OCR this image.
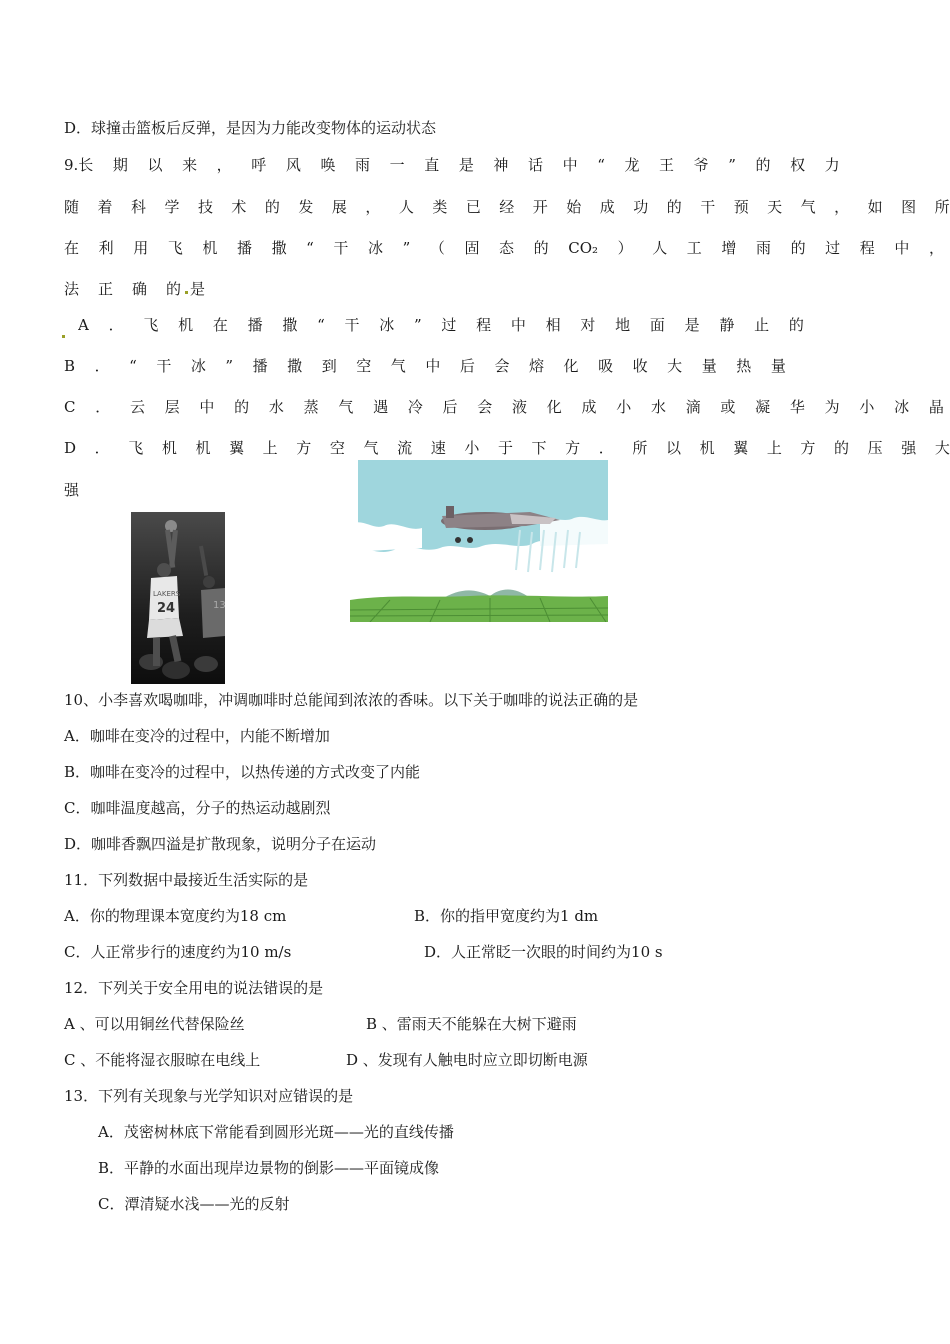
D．球撞击篮板后反弹，是因为力能改变物体的运动状态
9.长 期 以 来 ， 呼 风 唤 雨 一 直 是 神 话 中 “ 龙 王 爷 ” 的 权 力
随 着 科 学 技 术 的 发 展 ， 人 类 已 经 开 始 成 功 的 干 预 天 气 ， 如 图 所
在 利 用 飞 机 播 撒 “ 干 冰 ” （ 固 态 的 CO₂ ） 人 工 增 雨 的 过 程 中 ，
法　正　确　的 是
A ． 飞 机 在 播 撒 “ 干 冰 ” 过 程 中 相 对 地 面 是 静 止 的
B ． “ 干 冰 ” 播 撒 到 空 气 中 后 会 熔 化 吸 收 大 量 热 量
C ． 云 层 中 的 水 蒸 气 遇 冷 后 会 液 化 成 小 水 滴 或 凝 华 为 小 冰 晶
D ． 飞 机 机 翼 上 方 空 气 流 速 小 于 下 方 ． 所 以 机 翼 上 方 的 压 强 大
强
LAKERS
24	13
10、小李喜欢喝咖啡，冲调咖啡时总能闻到浓浓的香味。以下关于咖啡的说法正确的是
A．咖啡在变冷的过程中，内能不断增加
B．咖啡在变冷的过程中，以热传递的方式改变了内能
C．咖啡温度越高，分子的热运动越剧烈
D．咖啡香飘四溢是扩散现象，说明分子在运动
11．下列数据中最接近生活实际的是
A．你的物理课本宽度约为18 cm	B．你的指甲宽度约为1 dm
C．人正常步行的速度约为10 m/s	D．人正常眨一次眼的时间约为10 s
12．下列关于安全用电的说法错误的是
A 、可以用铜丝代替保险丝	B 、雷雨天不能躲在大树下避雨
C 、不能将湿衣服晾在电线上	D 、发现有人触电时应立即切断电源
13．下列有关现象与光学知识对应错误的是
A．茂密树林底下常能看到圆形光斑——光的直线传播
B．平静的水面出现岸边景物的倒影——平面镜成像
C．潭清疑水浅——光的反射
